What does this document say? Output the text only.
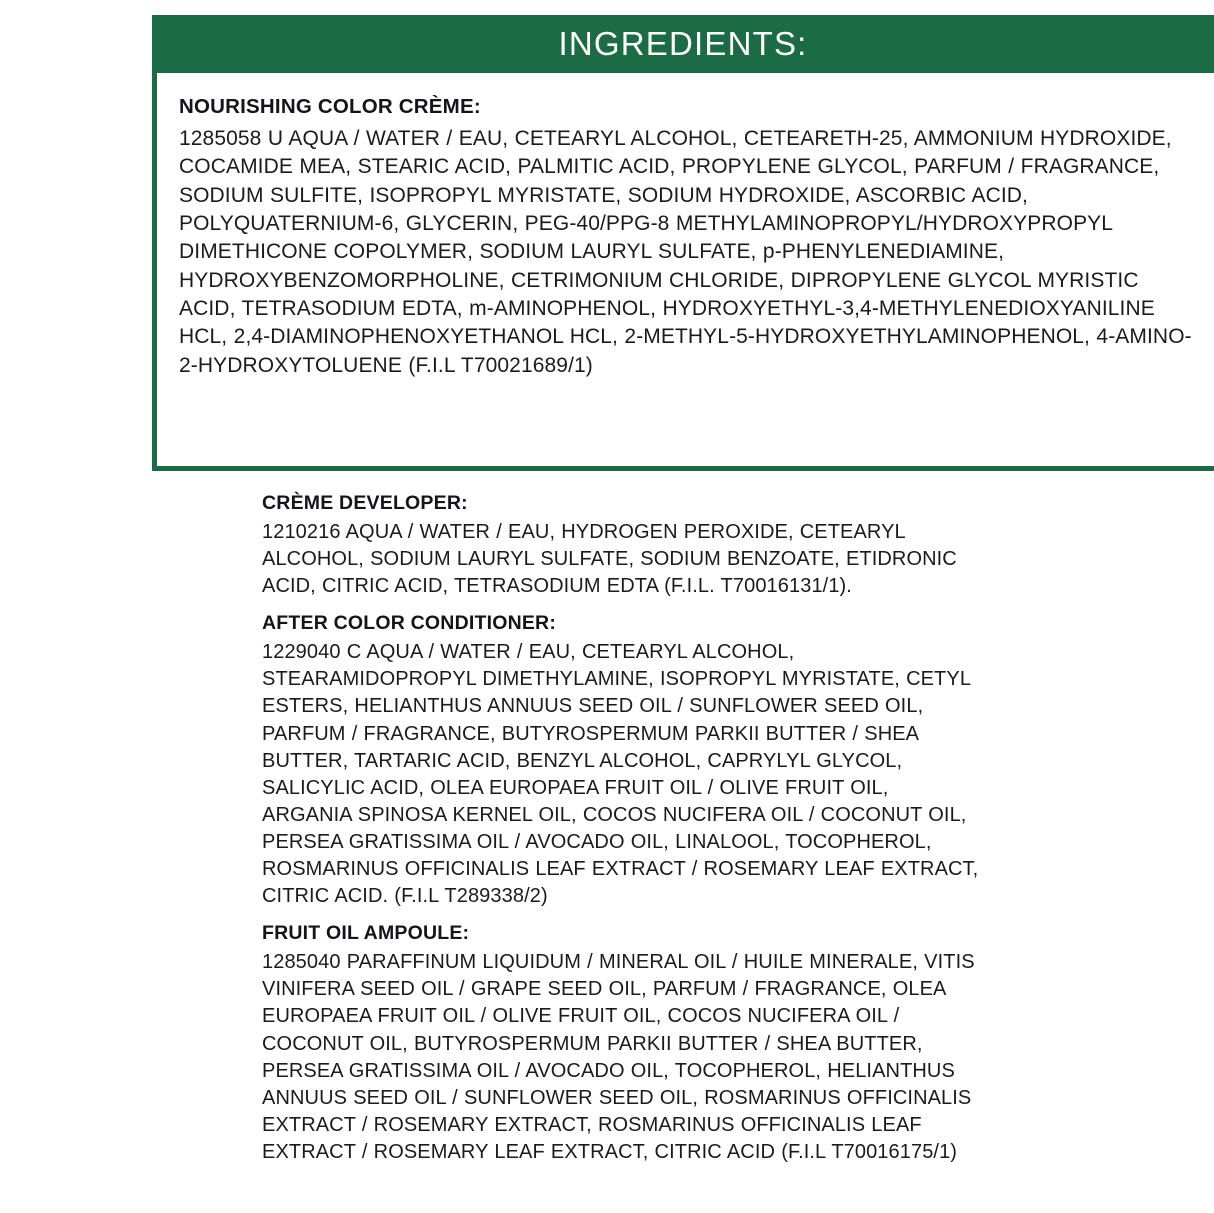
INGREDIENTS:
NOURISHING COLOR CRÈME:
1285058 U AQUA / WATER / EAU, CETEARYL ALCOHOL, CETEARETH-25, AMMONIUM HYDROXIDE, COCAMIDE MEA, STEARIC ACID, PALMITIC ACID, PROPYLENE GLYCOL, PARFUM / FRAGRANCE, SODIUM SULFITE, ISOPROPYL MYRISTATE, SODIUM HYDROXIDE, ASCORBIC ACID, POLYQUATERNIUM-6, GLYCERIN, PEG-40/PPG-8 METHYLAMINOPROPYL/HYDROXYPROPYL DIMETHICONE COPOLYMER, SODIUM LAURYL SULFATE, p-PHENYLENEDIAMINE, HYDROXYBENZOMORPHOLINE, CETRIMONIUM CHLORIDE, DIPROPYLENE GLYCOL MYRISTIC ACID, TETRASODIUM EDTA, m-AMINOPHENOL, HYDROXYETHYL-3,4-METHYLENEDIOXYANILINE HCL, 2,4-DIAMINOPHENOXYETHANOL HCL, 2-METHYL-5-HYDROXYETHYLAMINOPHENOL, 4-AMINO-2-HYDROXYTOLUENE (F.I.L T70021689/1)
CRÈME DEVELOPER:
1210216 AQUA / WATER / EAU, HYDROGEN PEROXIDE, CETEARYL ALCOHOL, SODIUM LAURYL SULFATE, SODIUM BENZOATE, ETIDRONIC ACID, CITRIC ACID, TETRASODIUM EDTA (F.I.L. T70016131/1).
AFTER COLOR CONDITIONER:
1229040 C AQUA / WATER / EAU, CETEARYL ALCOHOL, STEARAMIDOPROPYL DIMETHYLAMINE, ISOPROPYL MYRISTATE, CETYL ESTERS, HELIANTHUS ANNUUS SEED OIL / SUNFLOWER SEED OIL, PARFUM / FRAGRANCE, BUTYROSPERMUM PARKII BUTTER / SHEA BUTTER, TARTARIC ACID, BENZYL ALCOHOL, CAPRYLYL GLYCOL, SALICYLIC ACID, OLEA EUROPAEA FRUIT OIL / OLIVE FRUIT OIL, ARGANIA SPINOSA KERNEL OIL, COCOS NUCIFERA OIL / COCONUT OIL, PERSEA GRATISSIMA OIL / AVOCADO OIL, LINALOOL, TOCOPHEROL, ROSMARINUS OFFICINALIS LEAF EXTRACT / ROSEMARY LEAF EXTRACT, CITRIC ACID. (F.I.L T289338/2)
FRUIT OIL AMPOULE:
1285040 PARAFFINUM LIQUIDUM / MINERAL OIL / HUILE MINERALE, VITIS VINIFERA SEED OIL / GRAPE SEED OIL, PARFUM / FRAGRANCE, OLEA EUROPAEA FRUIT OIL / OLIVE FRUIT OIL, COCOS NUCIFERA OIL / COCONUT OIL, BUTYROSPERMUM PARKII BUTTER / SHEA BUTTER, PERSEA GRATISSIMA OIL / AVOCADO OIL, TOCOPHEROL, HELIANTHUS ANNUUS SEED OIL / SUNFLOWER SEED OIL, ROSMARINUS OFFICINALIS EXTRACT / ROSEMARY EXTRACT, ROSMARINUS OFFICINALIS LEAF EXTRACT / ROSEMARY LEAF EXTRACT, CITRIC ACID (F.I.L T70016175/1)
